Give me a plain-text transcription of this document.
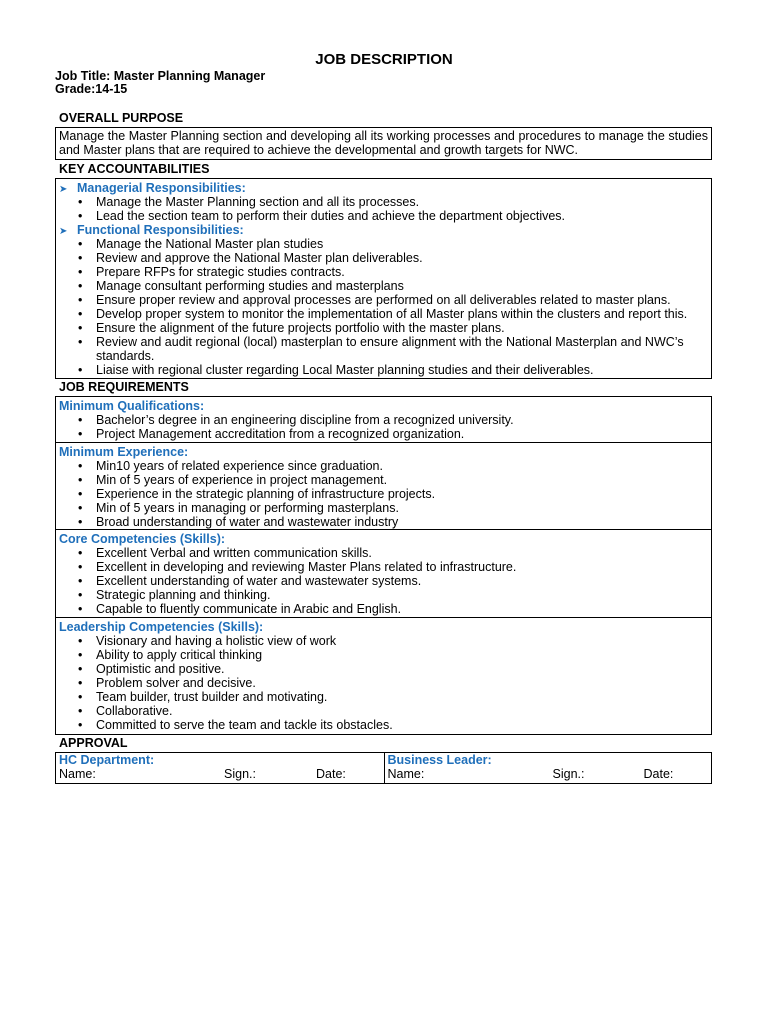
JOB DESCRIPTION
Job Title: Master Planning Manager
Grade:14-15
OVERALL PURPOSE
Manage the Master Planning section and developing all its working processes and procedures to manage the studies and Master plans that are required to achieve the developmental and growth targets for NWC.
KEY ACCOUNTABILITIES
➤ Managerial Responsibilities:
• Manage the Master Planning section and all its processes.
• Lead the section team to perform their duties and achieve the department objectives.
➤ Functional Responsibilities:
• Manage the National Master plan studies
• Review and approve the National Master plan deliverables.
• Prepare RFPs for strategic studies contracts.
• Manage consultant performing studies and masterplans
• Ensure proper review and approval processes are performed on all deliverables related to master plans.
• Develop proper system to monitor the implementation of all Master plans within the clusters and report this.
• Ensure the alignment of the future projects portfolio with the master plans.
• Review and audit regional (local) masterplan to ensure alignment with the National Masterplan and NWC’s standards.
• Liaise with regional cluster regarding Local Master planning studies and their deliverables.
JOB REQUIREMENTS
Minimum Qualifications:
• Bachelor’s degree in an engineering discipline from a recognized university.
• Project Management accreditation from a recognized organization.
Minimum Experience:
• Min10 years of related experience since graduation.
• Min of 5 years of experience in project management.
• Experience in the strategic planning of infrastructure projects.
• Min of 5 years in managing or performing masterplans.
• Broad understanding of water and wastewater industry
Core Competencies (Skills):
• Excellent Verbal and written communication skills.
• Excellent in developing and reviewing Master Plans related to infrastructure.
• Excellent understanding of water and wastewater systems.
• Strategic planning and thinking.
• Capable to fluently communicate in Arabic and English.
Leadership Competencies (Skills):
• Visionary and having a holistic view of work
• Ability to apply critical thinking
• Optimistic and positive.
• Problem solver and decisive.
• Team builder, trust builder and motivating.
• Collaborative.
• Committed to serve the team and tackle its obstacles.
APPROVAL
HC Department:
Name:	Sign.:	Date:
Business Leader:
Name:	Sign.:	Date:
